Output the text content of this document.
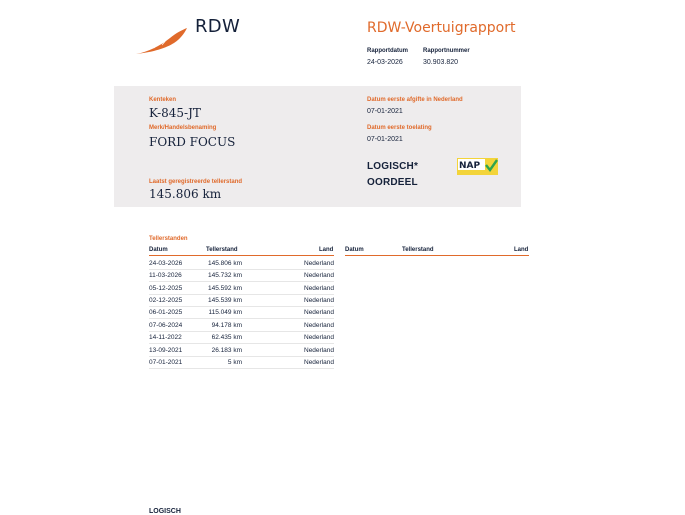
RDW	RDW-Voertuigrapport
Rapportdatum	Rapportnummer
24-03-2026	30.903.820
Kenteken
K-845-JT
Merk/Handelsbenaming
FORD FOCUS
Laatst geregistreerde tellerstand
145.806 km
Datum eerste afgifte in Nederland
07-01-2021
Datum eerste toelating
07-01-2021
LOGISCH*
OORDEEL
NAP
Tellerstanden
Datum	Tellerstand	Land Datum	Tellerstand	Land
24-03-2026	145.806 km	Nederland
11-03-2026	145.732 km	Nederland
05-12-2025	145.592 km	Nederland
02-12-2025	145.539 km	Nederland
06-01-2025	115.049 km	Nederland
07-06-2024	94.178 km	Nederland
14-11-2022	62.435 km	Nederland
13-09-2021	26.183 km	Nederland
07-01-2021	5 km	Nederland
LOGISCH
